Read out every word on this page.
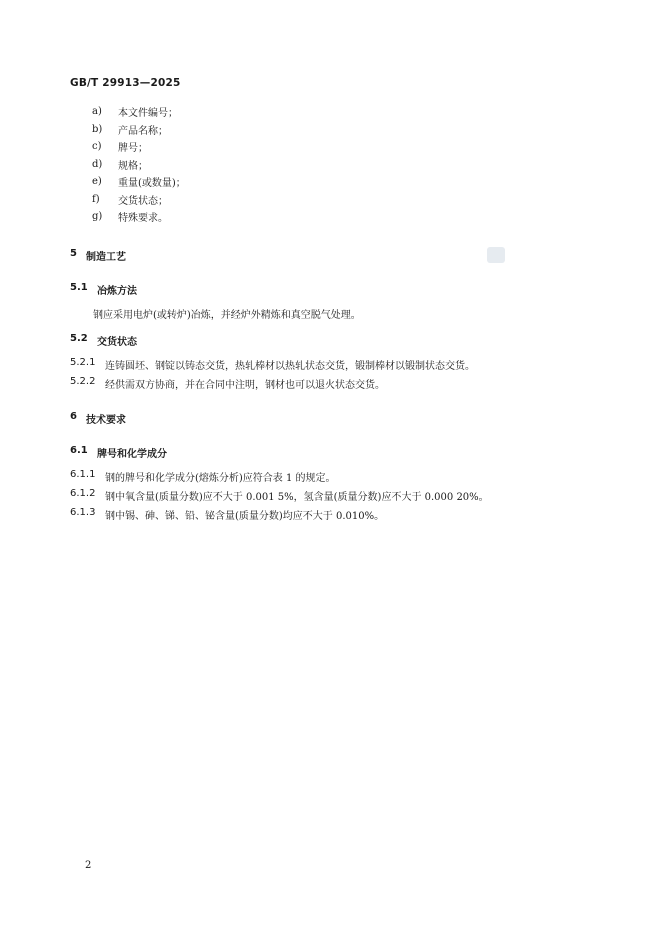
GB/T 29913—2025
a)	本文件编号；
b)	产品名称；
c)	牌号；
d)	规格；
e)	重量(或数量)；
f)	交货状态；
g)	特殊要求。
5 制造工艺
5.1 冶炼方法
钢应采用电炉(或转炉)冶炼，并经炉外精炼和真空脱气处理。
5.2 交货状态
5.2.1 连铸圆坯、钢锭以铸态交货，热轧棒材以热轧状态交货，锻制棒材以锻制状态交货。
5.2.2 经供需双方协商，并在合同中注明，钢材也可以退火状态交货。
6 技术要求
6.1 牌号和化学成分
6.1.1 钢的牌号和化学成分(熔炼分析)应符合表 1 的规定。
6.1.2 钢中氧含量(质量分数)应不大于 0.001 5%，氢含量(质量分数)应不大于 0.000 20%。
6.1.3 钢中锡、砷、锑、铅、铋含量(质量分数)均应不大于 0.010%。
2
